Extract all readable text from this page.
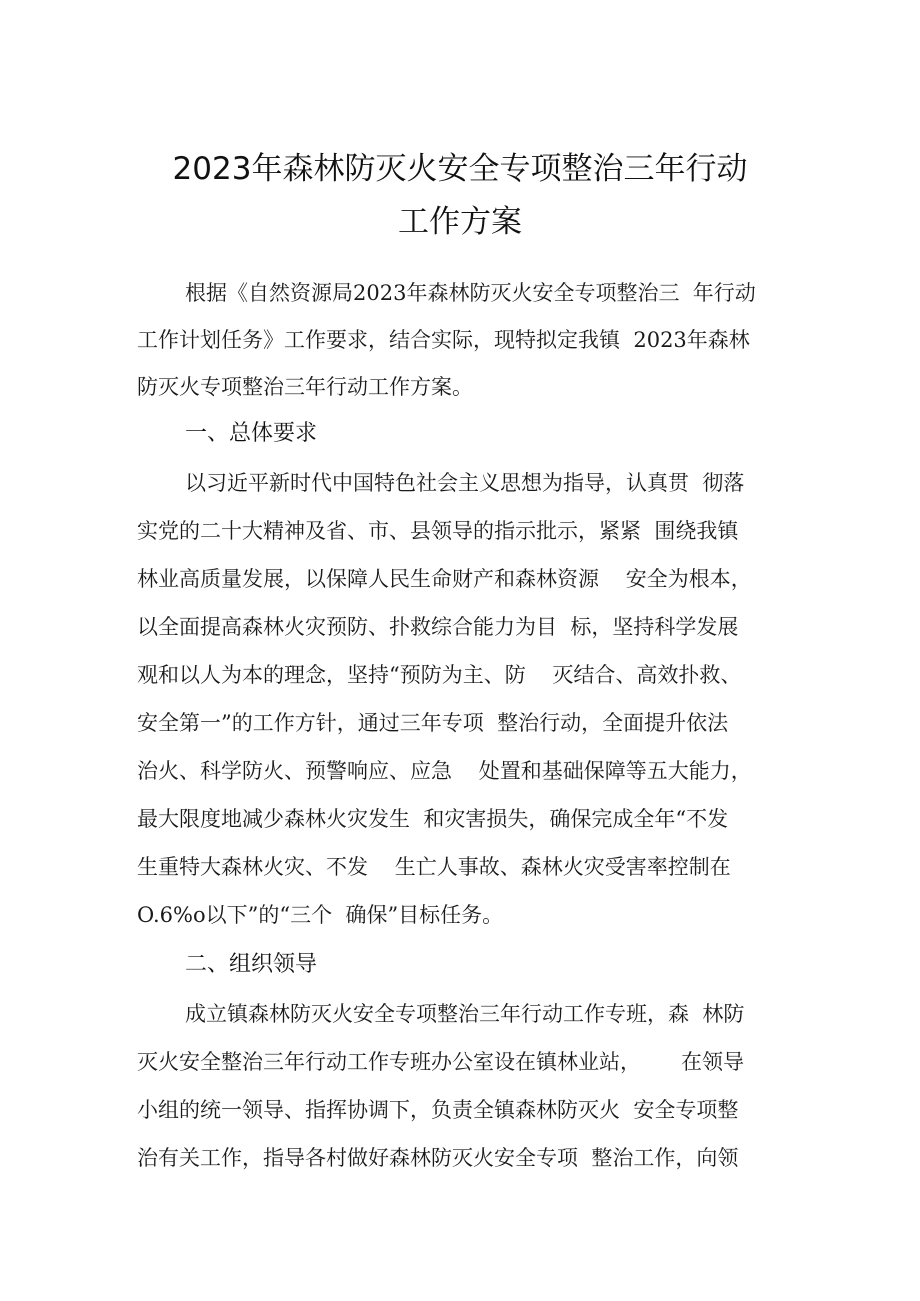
2023年森林防灭火安全专项整治三年行动
工作方案
根据《自然资源局2023年森林防灭火安全专项整治三  年行动
工作计划任务》工作要求，结合实际，现特拟定我镇  2023年森林
防灭火专项整治三年行动工作方案。
一、总体要求
以习近平新时代中国特色社会主义思想为指导，认真贯  彻落
实党的二十大精神及省、市、县领导的指示批示，紧紧  围绕我镇
林业高质量发展，以保障人民生命财产和森林资源    安全为根本，
以全面提高森林火灾预防、扑救综合能力为目  标，坚持科学发展
观和以人为本的理念，坚持“预防为主、防    灭结合、高效扑救、
安全第一”的工作方针，通过三年专项  整治行动，全面提升依法
治火、科学防火、预警响应、应急    处置和基础保障等五大能力，
最大限度地减少森林火灾发生  和灾害损失，确保完成全年“不发
生重特大森林火灾、不发    生亡人事故、森林火灾受害率控制在
O.6%o以下”的“三个  确保”目标任务。
二、组织领导
成立镇森林防灭火安全专项整治三年行动工作专班，森  林防
灭火安全整治三年行动工作专班办公室设在镇林业站，      在领导
小组的统一领导、指挥协调下，负责全镇森林防灭火  安全专项整
治有关工作，指导各村做好森林防灭火安全专项  整治工作，向领
